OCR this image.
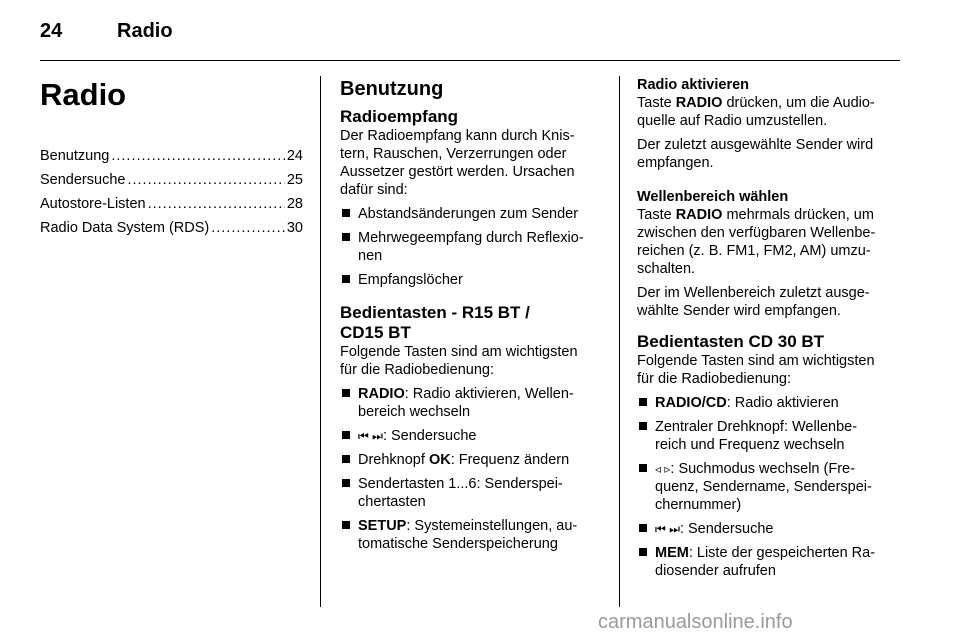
24	Radio
Radio
Benutzung .....	24
Sendersuche .....	25
Autostore-Listen .....	28
Radio Data System (RDS) .....	30
Benutzung
Radioempfang

Der Radioempfang kann durch Knis-
tern, Rauschen, Verzerrungen oder
Aussetzer gestört werden. Ursachen
dafür sind:

Abstandsänderungen zum Sender
Mehrwegeempfang durch Reflexio-
nen
Empfangslöcher
Bedientasten - R15 BT /
CD15 BT

Folgende Tasten sind am wichtigsten
für die Radiobedienung:

RADIO: Radio aktivieren, Wellen-
bereich wechseln
⏮ ⏭: Sendersuche
Drehknopf OK: Frequenz ändern
Sendertasten 1...6: Senderspei-
chertasten
SETUP: Systemeinstellungen, au-
tomatische Senderspeicherung
Radio aktivieren

Taste RADIO drücken, um die Audio-
quelle auf Radio umzustellen.

Der zuletzt ausgewählte Sender wird
empfangen.

Wellenbereich wählen

Taste RADIO mehrmals drücken, um
zwischen den verfügbaren Wellenbe-
reichen (z. B. FM1, FM2, AM) umzu-
schalten.

Der im Wellenbereich zuletzt ausge-
wählte Sender wird empfangen.

Bedientasten CD 30 BT

Folgende Tasten sind am wichtigsten
für die Radiobedienung:

RADIO/CD: Radio aktivieren
Zentraler Drehknopf: Wellenbe-
reich und Frequenz wechseln
◃ ▹: Suchmodus wechseln (Fre-
quenz, Sendername, Senderspei-
chernummer)
⏮ ⏭: Sendersuche
MEM: Liste der gespeicherten Ra-
diosender aufrufen
carmanualsonline.info
